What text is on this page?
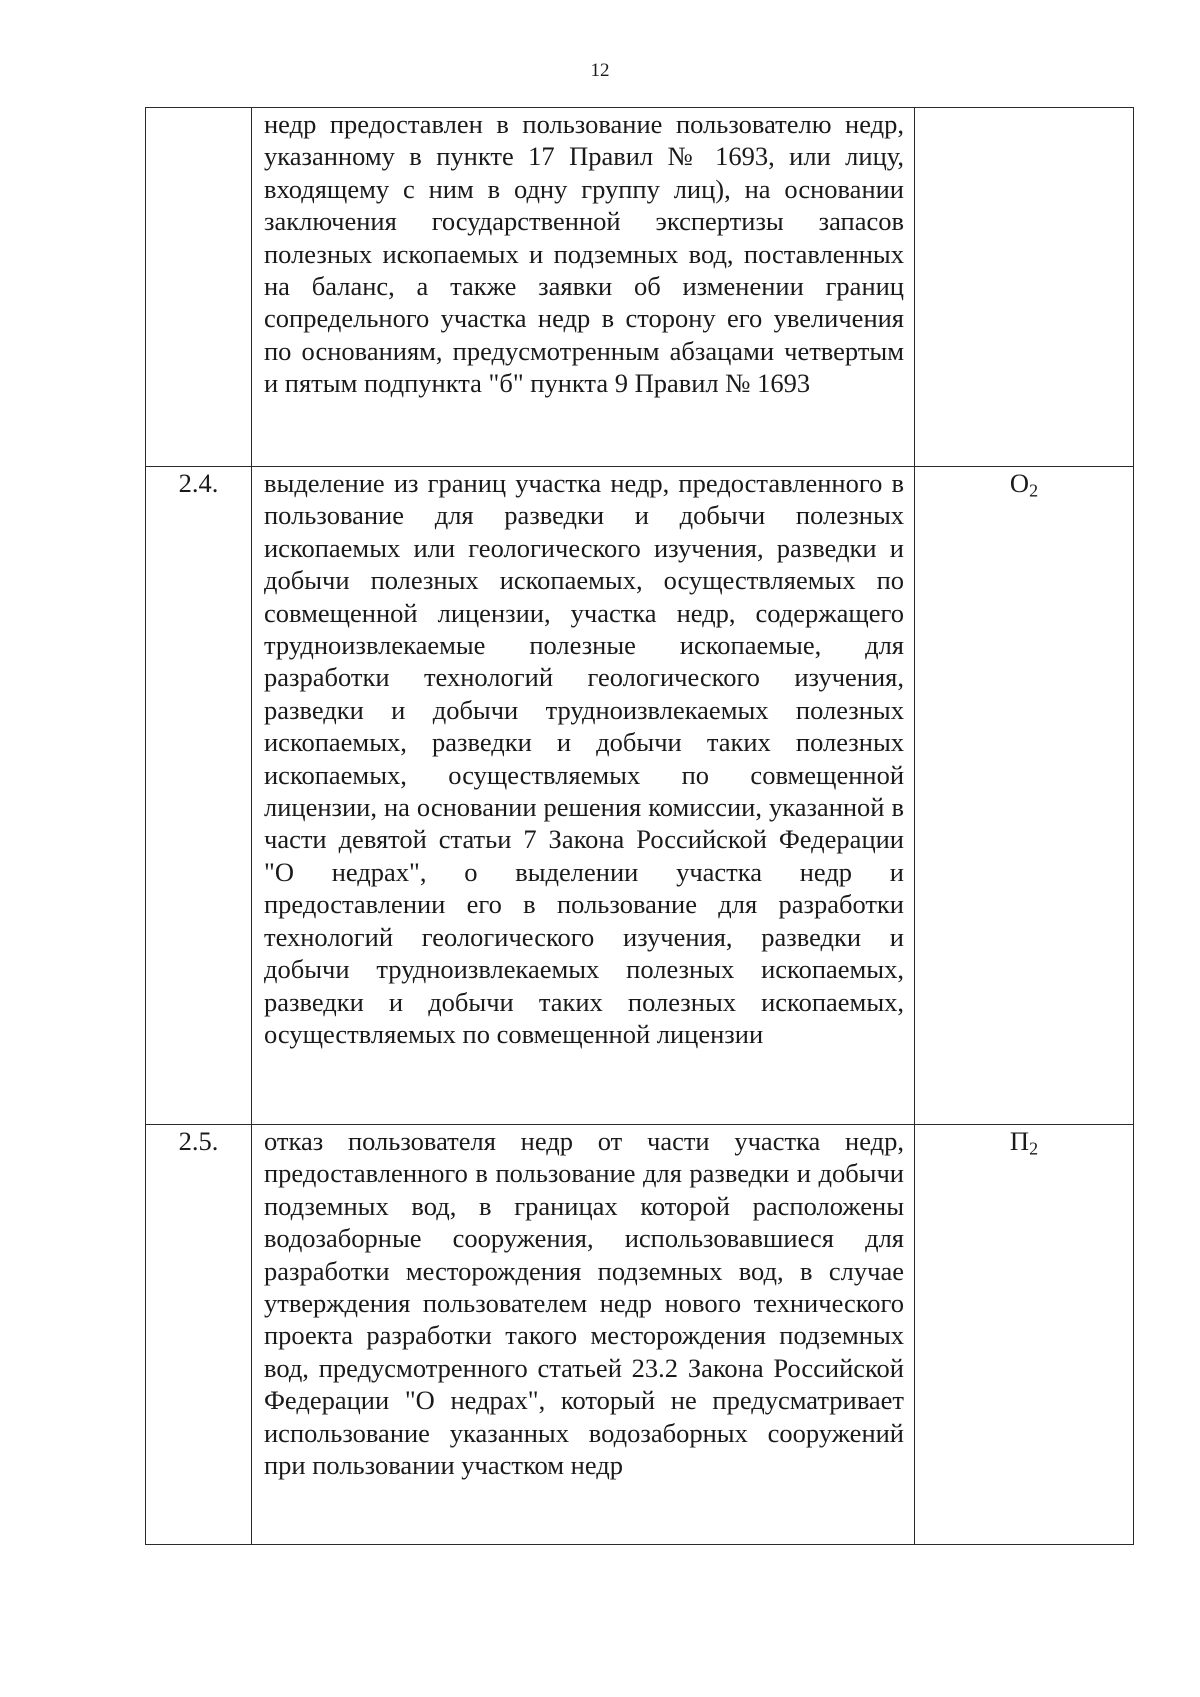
12

	недр предоставлен в пользование пользователю недр, указанному в пункте 17 Правил № 1693, или лицу, входящему с ним в одну группу лиц), на основании заключения государственной экспертизы запасов полезных ископаемых и подземных вод, поставленных на баланс, а также заявки об изменении границ сопредельного участка недр в сторону его увеличения по основаниям, предусмотренным абзацами четвертым и пятым подпункта "б" пункта 9 Правил № 1693	

2.4.	выделение из границ участка недр, предоставленного в пользование для разведки и добычи полезных ископаемых или геологического изучения, разведки и добычи полезных ископаемых, осуществляемых по совмещенной лицензии, участка недр, содержащего трудноизвлекаемые полезные ископаемые, для разработки технологий геологического изучения, разведки и добычи трудноизвлекаемых полезных ископаемых, разведки и добычи таких полезных ископаемых, осуществляемых по совмещенной лицензии, на основании решения комиссии, указанной в части девятой статьи 7 Закона Российской Федерации "О недрах", о выделении участка недр и предоставлении его в пользование для разработки технологий геологического изучения, разведки и добычи трудноизвлекаемых полезных ископаемых, разведки и добычи таких полезных ископаемых, осуществляемых по совмещенной лицензии	$О_2$
2.5.	отказ пользователя недр от части участка недр, предоставленного в пользование для разведки и добычи подземных вод, в границах которой расположены водозаборные сооружения, использовавшиеся для разработки месторождения подземных вод, в случае утверждения пользователем недр нового технического проекта разработки такого месторождения подземных вод, предусмотренного статьей 23.2 Закона Российской Федерации "О недрах", который не предусматривает использование указанных водозаборных сооружений при пользовании участком недр	$П_2$
